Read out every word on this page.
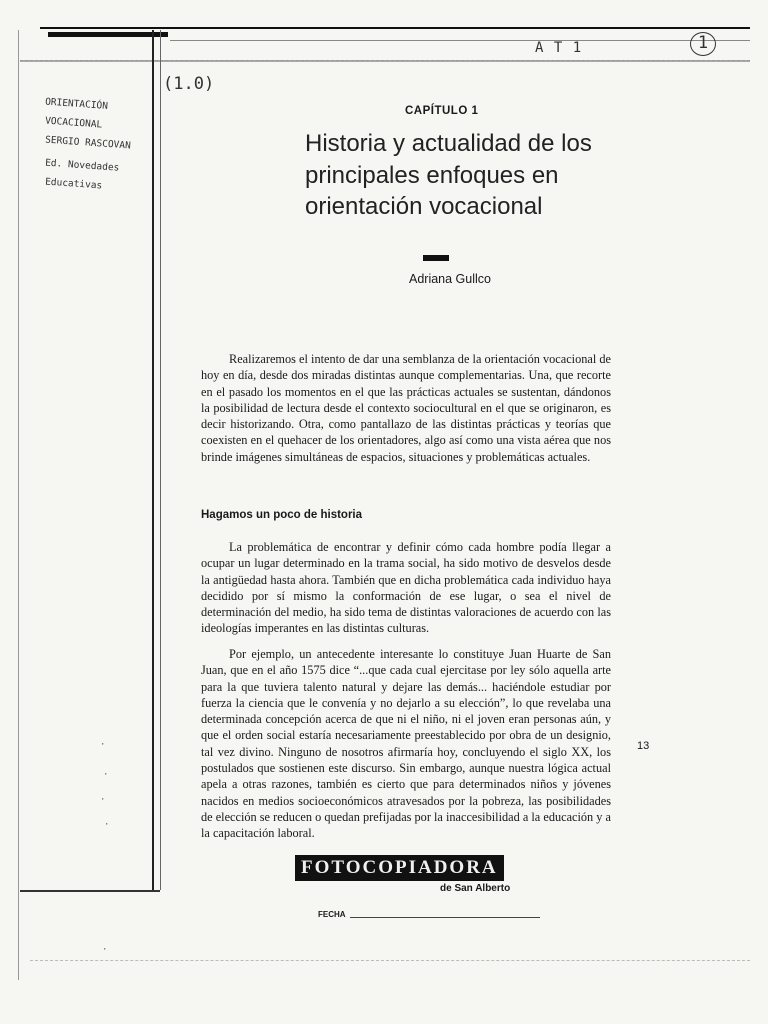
A T 1	1
(1.0)
ORIENTACIÓN
VOCACIONAL
SERGIO RASCOVAN
Ed. Novedades
Educativas
CAPÍTULO 1
Historia y actualidad de los principales enfoques en orientación vocacional
Adriana Gullco
Realizaremos el intento de dar una semblanza de la orientación vocacional de hoy en día, desde dos miradas distintas aunque complementarias. Una, que recorte en el pasado los momentos en el que las prácticas actuales se sustentan, dándonos la posibilidad de lectura desde el contexto sociocultural en el que se originaron, es decir historizando. Otra, como pantallazo de las distintas prácticas y teorías que coexisten en el quehacer de los orientadores, algo así como una vista aérea que nos brinde imágenes simultáneas de espacios, situaciones y problemáticas actuales.
Hagamos un poco de historia
La problemática de encontrar y definir cómo cada hombre podía llegar a ocupar un lugar determinado en la trama social, ha sido motivo de desvelos desde la antigüedad hasta ahora. También que en dicha problemática cada individuo haya decidido por sí mismo la conformación de ese lugar, o sea el nivel de determinación del medio, ha sido tema de distintas valoraciones de acuerdo con las ideologías imperantes en las distintas culturas.
Por ejemplo, un antecedente interesante lo constituye Juan Huarte de San Juan, que en el año 1575 dice “...que cada cual ejercitase por ley sólo aquella arte para la que tuviera talento natural y dejare las demás... haciéndole estudiar por fuerza la ciencia que le convenía y no dejarlo a su elección”, lo que revelaba una determinada concepción acerca de que ni el niño, ni el joven eran personas aún, y que el orden social estaría necesariamente preestablecido por obra de un designio, tal vez divino. Ninguno de nosotros afirmaría hoy, concluyendo el siglo XX, los postulados que sostienen este discurso. Sin embargo, aunque nuestra lógica actual apela a otras razones, también es cierto que para determinados niños y jóvenes nacidos en medios socioeconómicos atravesados por la pobreza, las posibilidades de elección se reducen o quedan prefijadas por la inaccesibilidad a la educación y a la capacitación laboral.
13
FOTOCOPIADORA
de San Alberto
FECHA
·
·
·
·
·
